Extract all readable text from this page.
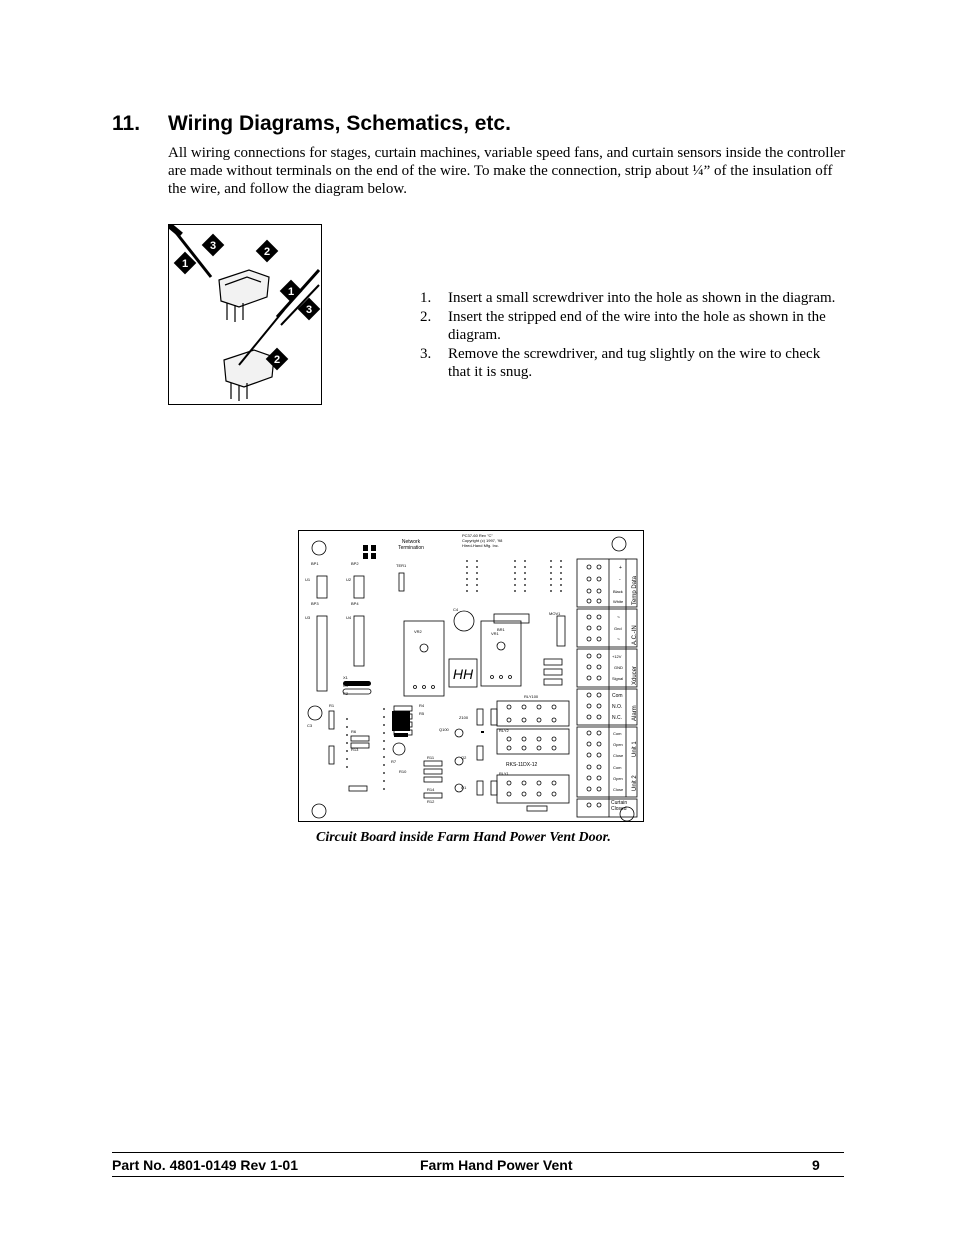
11. Wiring Diagrams, Schematics, etc.

All wiring connections for stages, curtain machines, variable speed fans, and curtain sensors inside the controller are made without terminals on the end of the wire. To make the connection, strip about ¼” of the insulation off the wire, and follow the diagram below.

1
3	2
1
3
2
1. Insert a small screwdriver into the hole as shown in the diagram.
2. Insert the stripped end of the wire into the hole as shown in the diagram.
3. Remove the screwdriver, and tug slightly on the wire to check that it is snug.
Network
Termination
PC37-60 Rev "C"
Copyright (c) 1997, '98
Hired-Hand Mfg. Inc.
HH
RKS-11DX-12
+
-
Black
White
~
Gnd
~
+12V
GND
Signal
Com
N.O.
N.C.
Com
Open
Close
Com
Open
Close
Curtain
Closed
Temp Data
A.C.-IN
Xducer
Alarm
Unit 1
Unit 2
BP1	BP2
BP3	BP4
U1	U2
U3	U4
TER1
VR2	VR1
BR1
MOV1
C4
X1
C1
C2
C3
R1	R4
R5
R6
R7
R10
R11
R12
R13
R14
RLY1
RLY2
RLY100
Q1
Q2
Q100
Z100
Circuit Board inside Farm Hand Power Vent Door.
Part No. 4801-0149 Rev 1-01	Farm Hand Power Vent	9
